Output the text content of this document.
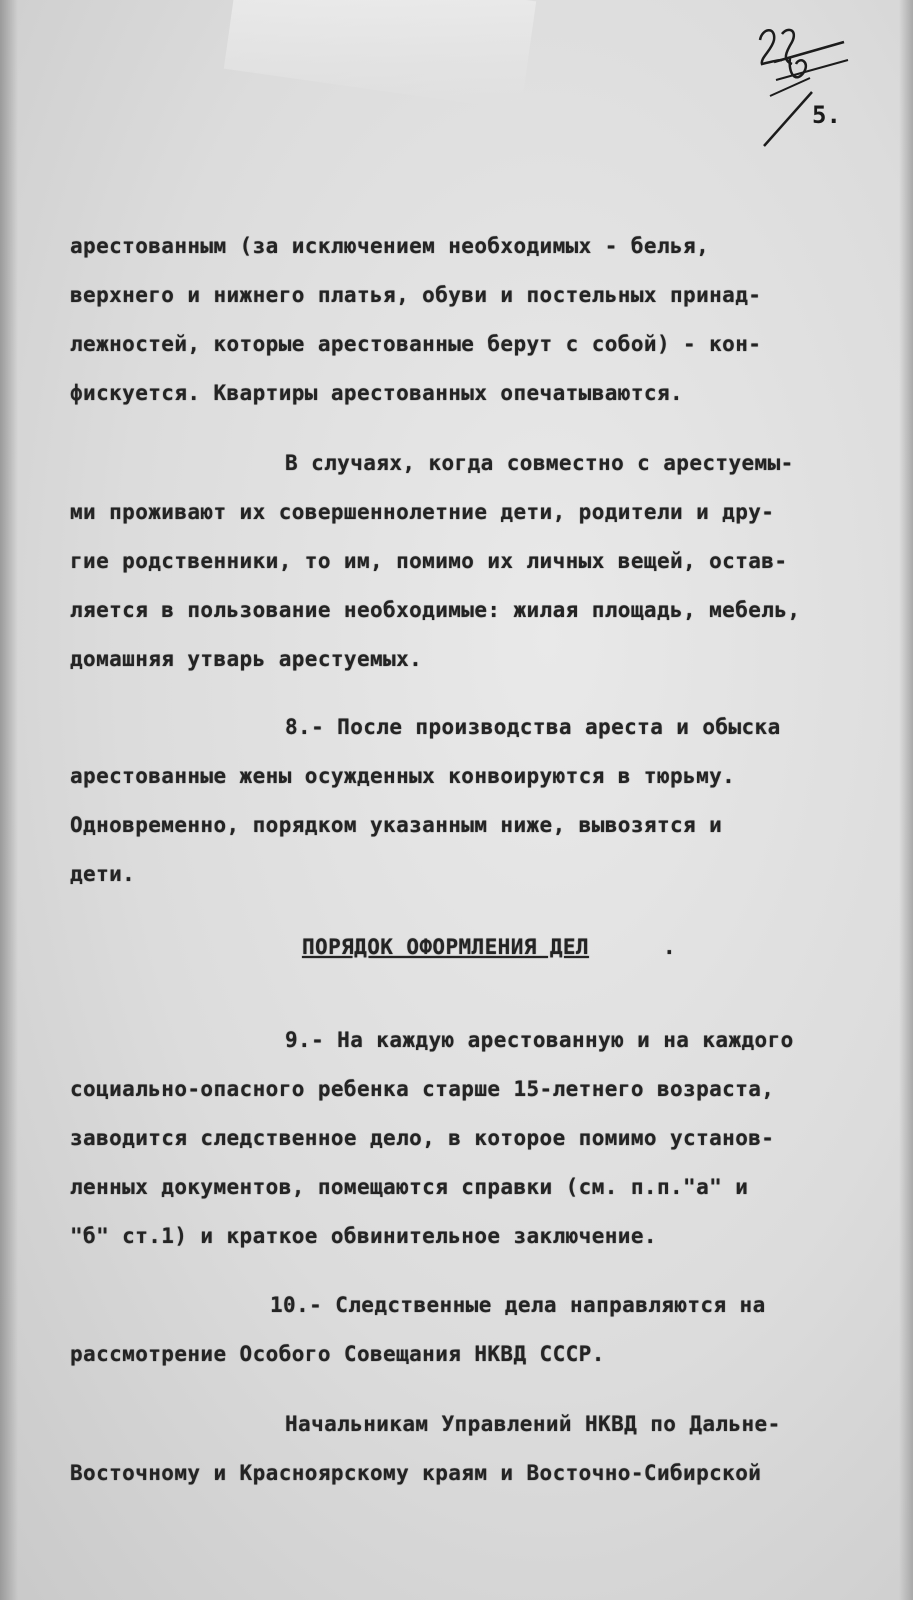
5.
арестованным (за исключением необходимых - белья,
верхнего и нижнего платья, обуви и постельных принад-
лежностей, которые арестованные берут с собой) - кон-
фискуется. Квартиры арестованных опечатываются.
В случаях, когда совместно с арестуемы-
ми проживают их совершеннолетние дети, родители и дру-
гие родственники, то им, помимо их личных вещей, остав-
ляется в пользование необходимые: жилая площадь, мебель,
домашняя утварь арестуемых.
8.- После производства ареста и обыска
арестованные жены осужденных конвоируются в тюрьму.
Одновременно, порядком указанным ниже, вывозятся и
дети.
ПОРЯДОК ОФОРМЛЕНИЯ ДЕЛ	.
9.- На каждую арестованную и на каждого
социально-опасного ребенка старше 15-летнего возраста,
заводится следственное дело, в которое помимо установ-
ленных документов, помещаются справки (см. п.п."а" и
"б" ст.1) и краткое обвинительное заключение.
10.- Следственные дела направляются на
рассмотрение Особого Совещания НКВД СССР.
Начальникам Управлений НКВД по Дальне-
Восточному и Красноярскому краям и Восточно-Сибирской
